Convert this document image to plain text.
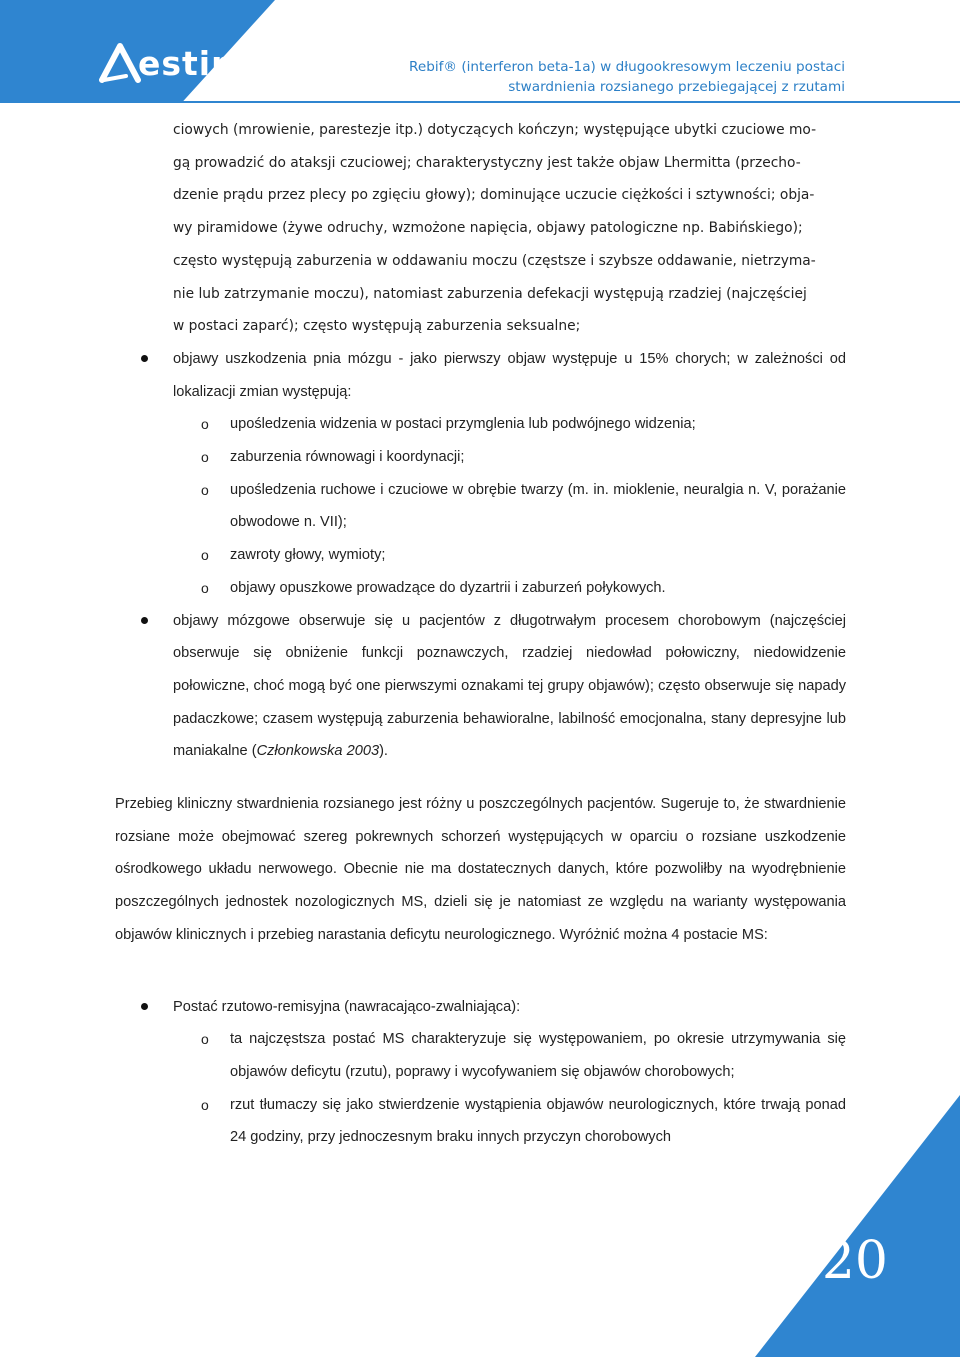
estimo	Rebif® (interferon beta-1a) w długookresowym leczeniu postaci
stwardnienia rozsianego przebiegającej z rzutami
ciowych (mrowienie, parestezje itp.) dotyczących kończyn; występujące ubytki czuciowe mo-
gą prowadzić do ataksji czuciowej; charakterystyczny jest także objaw Lhermitta (przecho-
dzenie prądu przez plecy po zgięciu głowy); dominujące uczucie ciężkości i sztywności; obja-
wy piramidowe (żywe odruchy, wzmożone napięcia, objawy patologiczne np. Babińskiego);
często występują zaburzenia w oddawaniu moczu (częstsze i szybsze oddawanie, nietrzyma-
nie lub zatrzymanie moczu), natomiast zaburzenia defekacji występują rzadziej (najczęściej
w postaci zaparć); często występują zaburzenia seksualne;
objawy uszkodzenia pnia mózgu - jako pierwszy objaw występuje u 15% chorych; w zależności od lokalizacji zmian występują:
o upośledzenia widzenia w postaci przymglenia lub podwójnego widzenia;
o zaburzenia równowagi i koordynacji;
o upośledzenia ruchowe i czuciowe w obrębie twarzy (m. in. mioklenie, neuralgia n. V, porażanie obwodowe n. VII);
o zawroty głowy, wymioty;
o objawy opuszkowe prowadzące do dyzartrii i zaburzeń połykowych.
objawy mózgowe obserwuje się u pacjentów z długotrwałym procesem chorobowym (najczęściej obserwuje się obniżenie funkcji poznawczych, rzadziej niedowład połowiczny, niedowidzenie połowiczne, choć mogą być one pierwszymi oznakami tej grupy objawów); często obserwuje się napady padaczkowe; czasem występują zaburzenia behawioralne, labilność emocjonalna, stany depresyjne lub maniakalne (Członkowska 2003).

Przebieg kliniczny stwardnienia rozsianego jest różny u poszczególnych pacjentów. Sugeruje to, że stwardnienie rozsiane może obejmować szereg pokrewnych schorzeń występujących w oparciu o rozsiane uszkodzenie ośrodkowego układu nerwowego. Obecnie nie ma dostatecznych danych, które pozwoliłby na wyodrębnienie poszczególnych jednostek nozologicznych MS, dzieli się je natomiast ze względu na warianty występowania objawów klinicznych i przebieg narastania deficytu neurologicznego. Wyróżnić można 4 postacie MS:

Postać rzutowo-remisyjna (nawracająco-zwalniająca):
o ta najczęstsza postać MS charakteryzuje się występowaniem, po okresie utrzymywania się objawów deficytu (rzutu), poprawy i wycofywaniem się objawów chorobowych;
o rzut tłumaczy się jako stwierdzenie wystąpienia objawów neurologicznych, które trwają ponad 24 godziny, przy jednoczesnym braku innych przyczyn chorobowych
20
